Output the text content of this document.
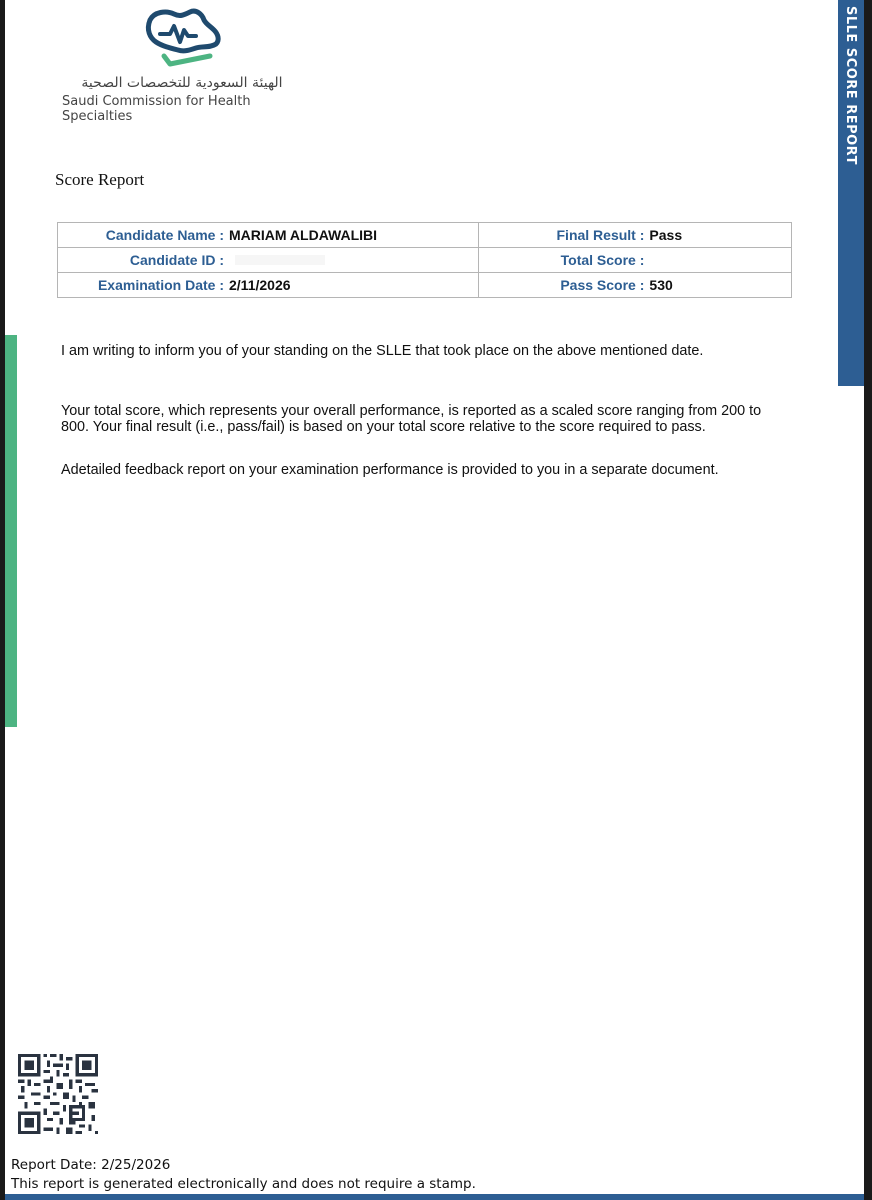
SLLE SCORE REPORT
الهيئة السعودية للتخصصات الصحية
Saudi Commission for Health Specialties
Score Report
Candidate Name : MARIAM ALDAWALIBI	Final Result : Pass

Candidate ID :	Total Score :

Examination Date : 2/11/2026	Pass Score : 530

I am writing to inform you of your standing on the SLLE that took place on the above mentioned date.

Your total score, which represents your overall performance, is reported as a scaled score ranging from 200 to 800. Your final result (i.e., pass/fail) is based on your total score relative to the score required to pass.

Adetailed feedback report on your examination performance is provided to you in a separate document.

Report Date: 2/25/2026
This report is generated electronically and does not require a stamp.
